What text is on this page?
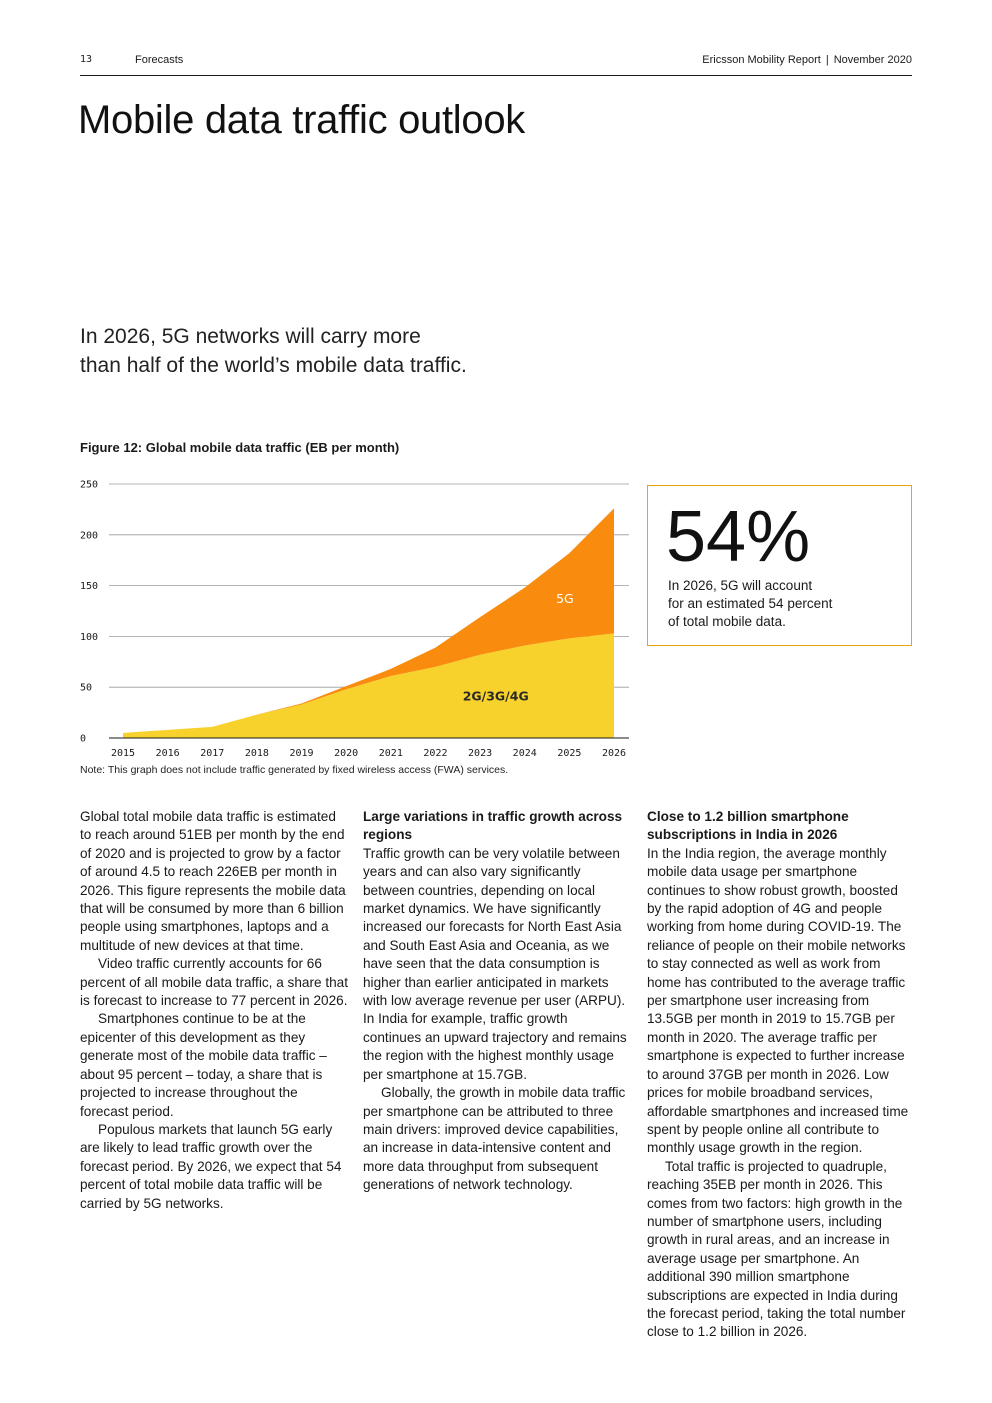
13	Forecasts	Ericsson Mobility Report | November 2020
Mobile data traffic outlook
In 2026, 5G networks will carry more
than half of the world’s mobile data traffic.
Figure 12: Global mobile data traffic (EB per month)
0
50
100
150
200
250
2015 2016 2017 2018 2019 2020 2021 2022 2023 2024 2025 2026
2G/3G/4G
5G
Note: This graph does not include traffic generated by fixed wireless access (FWA) services.
54%
In 2026, 5G will account
for an estimated 54 percent
of total mobile data.

Global total mobile data traffic is estimated to reach around 51EB per month by the end of 2020 and is projected to grow by a factor of around 4.5 to reach 226EB per month in 2026. This figure represents the mobile data that will be consumed by more than 6 billion people using smartphones, laptops and a multitude of new devices at that time.

Video traffic currently accounts for 66 percent of all mobile data traffic, a share that is forecast to increase to 77 percent in 2026.

Smartphones continue to be at the epicenter of this development as they generate most of the mobile data traffic – about 95 percent – today, a share that is projected to increase throughout the forecast period.

Populous markets that launch 5G early are likely to lead traffic growth over the forecast period. By 2026, we expect that 54 percent of total mobile data traffic will be carried by 5G networks.

Large variations in traffic growth across regions

Traffic growth can be very volatile between years and can also vary significantly between countries, depending on local market dynamics. We have significantly increased our forecasts for North East Asia and South East Asia and Oceania, as we have seen that the data consumption is higher than earlier anticipated in markets with low average revenue per user (ARPU). In India for example, traffic growth continues an upward trajectory and remains the region with the highest monthly usage per smartphone at 15.7GB.

Globally, the growth in mobile data traffic per smartphone can be attributed to three main drivers: improved device capabilities, an increase in data-intensive content and more data throughput from subsequent generations of network technology.

Close to 1.2 billion smartphone subscriptions in India in 2026

In the India region, the average monthly mobile data usage per smartphone continues to show robust growth, boosted by the rapid adoption of 4G and people working from home during COVID-19. The reliance of people on their mobile networks to stay connected as well as work from home has contributed to the average traffic per smartphone user increasing from 13.5GB per month in 2019 to 15.7GB per month in 2020. The average traffic per smartphone is expected to further increase to around 37GB per month in 2026. Low prices for mobile broadband services, affordable smartphones and increased time spent by people online all contribute to monthly usage growth in the region.

Total traffic is projected to quadruple, reaching 35EB per month in 2026. This comes from two factors: high growth in the number of smartphone users, including growth in rural areas, and an increase in average usage per smartphone. An additional 390 million smartphone subscriptions are expected in India during the forecast period, taking the total number close to 1.2 billion in 2026.
